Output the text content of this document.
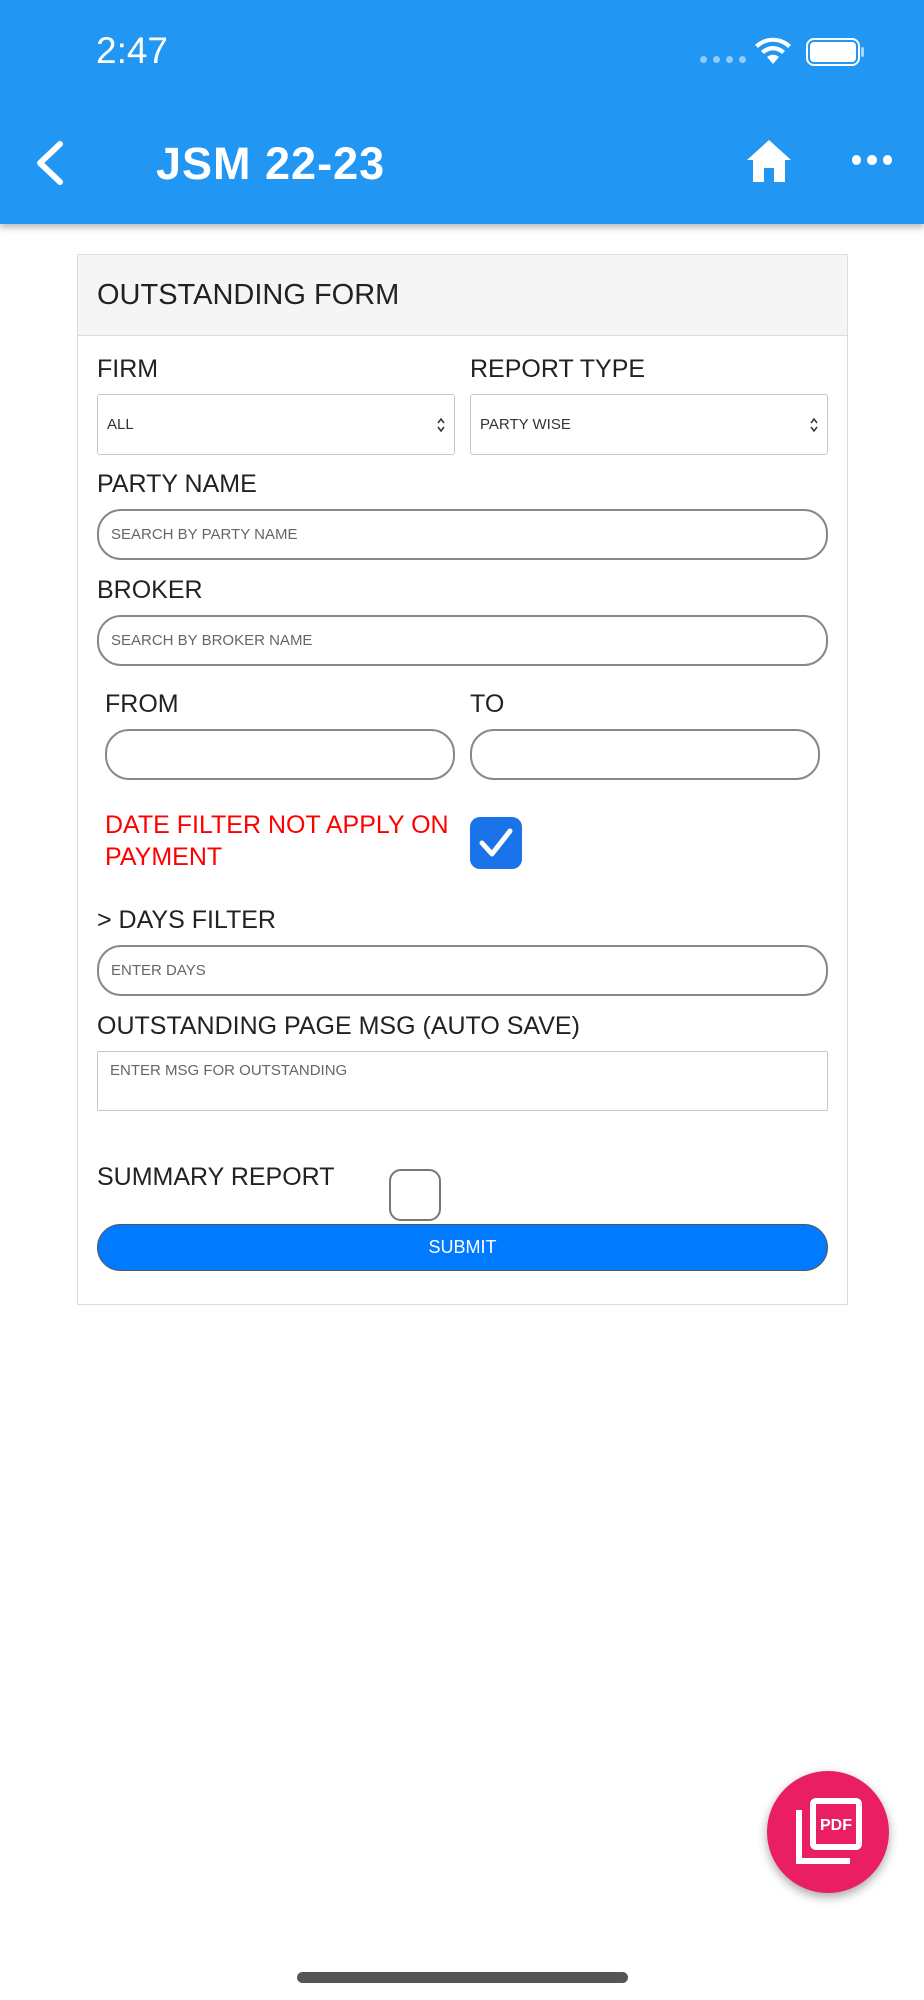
2:47
JSM 22-23
OUTSTANDING FORM
FIRM
ALL
REPORT TYPE
PARTY WISE
PARTY NAME
SEARCH BY PARTY NAME
BROKER
SEARCH BY BROKER NAME
FROM	TO
DATE FILTER NOT APPLY ON PAYMENT
> DAYS FILTER
ENTER DAYS
OUTSTANDING PAGE MSG (AUTO SAVE)
ENTER MSG FOR OUTSTANDING
SUMMARY REPORT
SUBMIT
PDF
